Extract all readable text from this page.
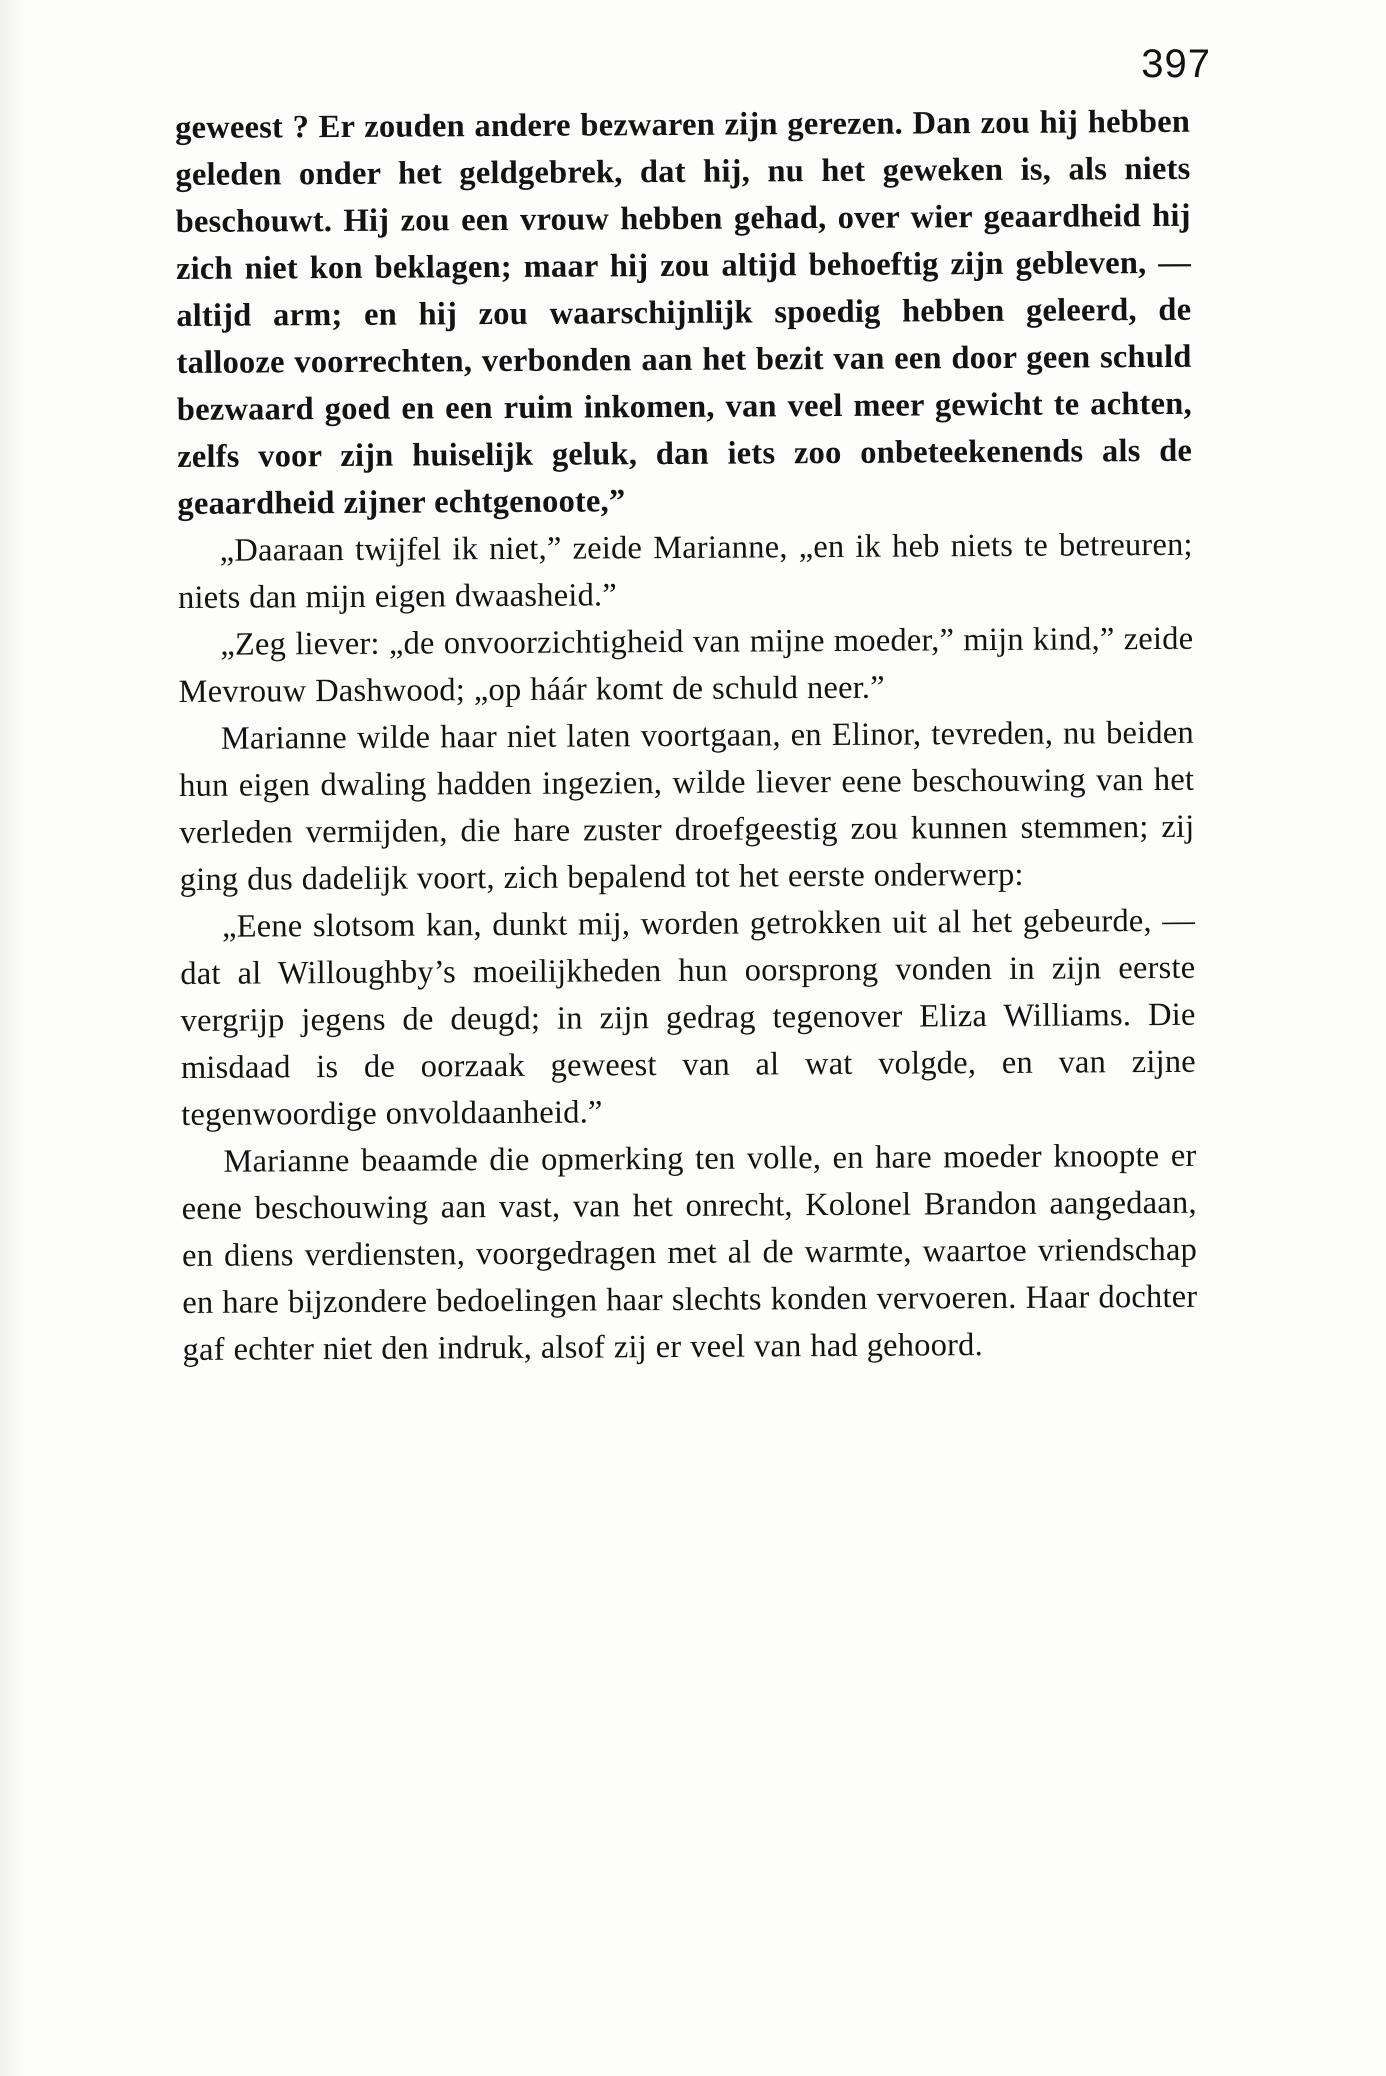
397

geweest ? Er zouden andere bezwaren zijn gerezen. Dan zou hij hebben geleden onder het geldgebrek, dat hij, nu het geweken is, als niets beschouwt. Hij zou een vrouw hebben gehad, over wier geaardheid hij zich niet kon beklagen; maar hij zou altijd behoeftig zijn gebleven, — altijd arm; en hij zou waarschijnlijk spoedig hebben geleerd, de tallooze voorrechten, verbonden aan het bezit van een door geen schuld bezwaard goed en een ruim inkomen, van veel meer gewicht te achten, zelfs voor zijn huiselijk geluk, dan iets zoo onbeteekenends als de geaardheid zijner echtgenoote,”

„Daaraan twijfel ik niet,” zeide Marianne, „en ik heb niets te betreuren; niets dan mijn eigen dwaasheid.”

„Zeg liever: „de onvoorzichtigheid van mijne moeder,” mijn kind,” zeide Mevrouw Dashwood; „op háár komt de schuld neer.”

Marianne wilde haar niet laten voortgaan, en Elinor, tevreden, nu beiden hun eigen dwaling hadden ingezien, wilde liever eene beschouwing van het verleden vermijden, die hare zuster droefgeestig zou kunnen stemmen; zij ging dus dadelijk voort, zich bepalend tot het eerste onderwerp:

„Eene slotsom kan, dunkt mij, worden getrokken uit al het gebeurde, — dat al Willoughby’s moeilijkheden hun oorsprong vonden in zijn eerste vergrijp jegens de deugd; in zijn gedrag tegenover Eliza Williams. Die misdaad is de oorzaak geweest van al wat volgde, en van zijne tegenwoordige onvoldaanheid.”

Marianne beaamde die opmerking ten volle, en hare moeder knoopte er eene beschouwing aan vast, van het onrecht, Kolonel Brandon aangedaan, en diens verdiensten, voorgedragen met al de warmte, waartoe vriendschap en hare bijzondere bedoelingen haar slechts konden vervoeren. Haar dochter gaf echter niet den indruk, alsof zij er veel van had gehoord.
